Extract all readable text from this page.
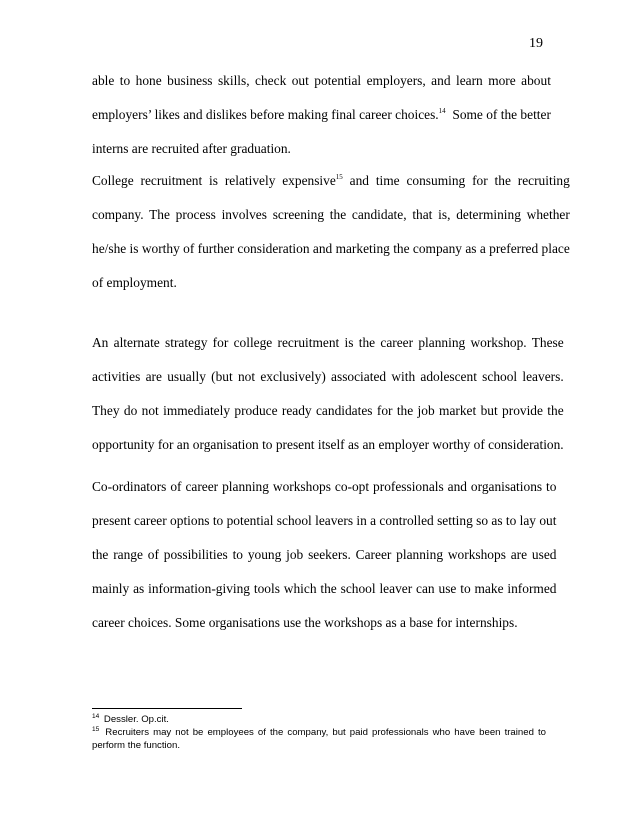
19
able to hone business skills, check out potential employers, and learn more about
employers’ likes and dislikes before making final career choices.$^{14}$  Some of the better
interns are recruited after graduation.
College recruitment is relatively expensive$^{15}$ and time consuming for the recruiting
company. The process involves screening the candidate, that is, determining whether
he/she is worthy of further consideration and marketing the company as a preferred place
of employment.
An alternate strategy for college recruitment is the career planning workshop. These
activities are usually (but not exclusively) associated with adolescent school leavers.
They do not immediately produce ready candidates for the job market but provide the
opportunity for an organisation to present itself as an employer worthy of consideration.
Co-ordinators of career planning workshops co-opt professionals and organisations to
present career options to potential school leavers in a controlled setting so as to lay out
the range of possibilities to young job seekers. Career planning workshops are used
mainly as information-giving tools which the school leaver can use to make informed
career choices. Some organisations use the workshops as a base for internships.
$^{14}$ Dessler. Op.cit.
$^{15}$ Recruiters may not be employees of the company, but paid professionals who have been trained to perform the function.
